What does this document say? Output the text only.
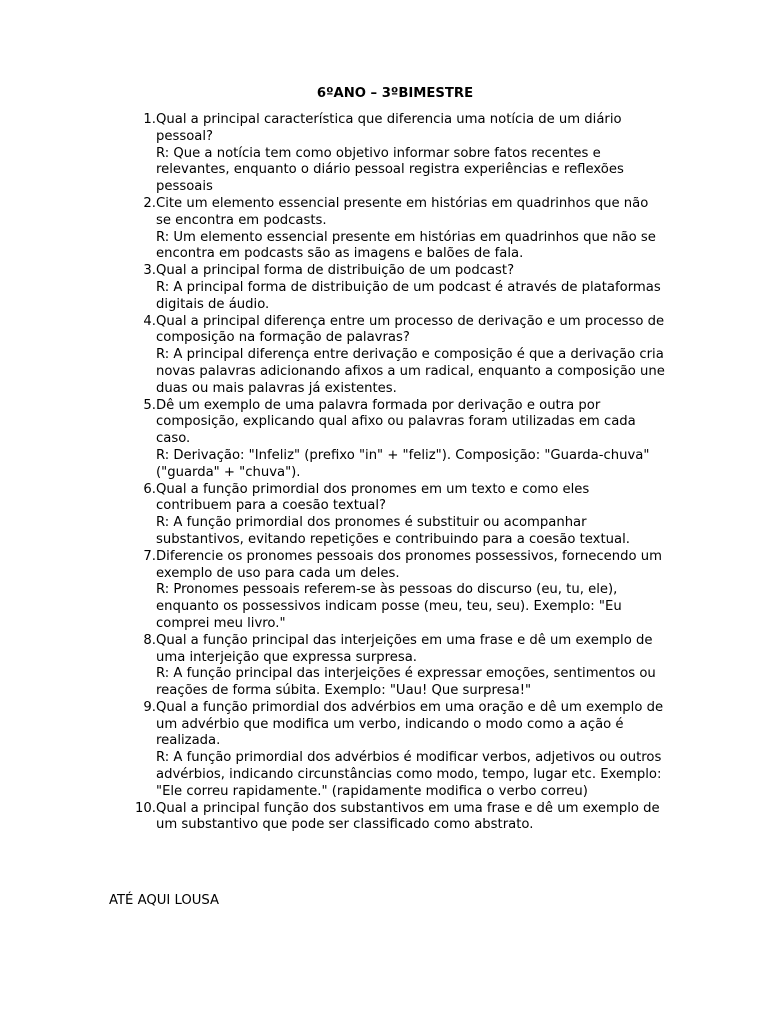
6ºANO – 3ºBIMESTRE
1. Qual a principal característica que diferencia uma notícia de um diário pessoal?
R: Que a notícia tem como objetivo informar sobre fatos recentes e relevantes, enquanto o diário pessoal registra experiências e reflexões pessoais
2. Cite um elemento essencial presente em histórias em quadrinhos que não se encontra em podcasts.
R: Um elemento essencial presente em histórias em quadrinhos que não se encontra em podcasts são as imagens e balões de fala.
3. Qual a principal forma de distribuição de um podcast?
R: A principal forma de distribuição de um podcast é através de plataformas digitais de áudio.
4. Qual a principal diferença entre um processo de derivação e um processo de composição na formação de palavras?
R: A principal diferença entre derivação e composição é que a derivação cria novas palavras adicionando afixos a um radical, enquanto a composição une duas ou mais palavras já existentes.
5. Dê um exemplo de uma palavra formada por derivação e outra por composição, explicando qual afixo ou palavras foram utilizadas em cada caso.
R: Derivação: "Infeliz" (prefixo "in" + "feliz"). Composição: "Guarda-chuva" ("guarda" + "chuva").
6. Qual a função primordial dos pronomes em um texto e como eles contribuem para a coesão textual?
R: A função primordial dos pronomes é substituir ou acompanhar substantivos, evitando repetições e contribuindo para a coesão textual.
7. Diferencie os pronomes pessoais dos pronomes possessivos, fornecendo um exemplo de uso para cada um deles.
R: Pronomes pessoais referem-se às pessoas do discurso (eu, tu, ele), enquanto os possessivos indicam posse (meu, teu, seu). Exemplo: "Eu comprei meu livro."
8. Qual a função principal das interjeições em uma frase e dê um exemplo de uma interjeição que expressa surpresa.
R: A função principal das interjeições é expressar emoções, sentimentos ou reações de forma súbita. Exemplo: "Uau! Que surpresa!"
9. Qual a função primordial dos advérbios em uma oração e dê um exemplo de um advérbio que modifica um verbo, indicando o modo como a ação é realizada.
R: A função primordial dos advérbios é modificar verbos, adjetivos ou outros advérbios, indicando circunstâncias como modo, tempo, lugar etc. Exemplo: "Ele correu rapidamente." (rapidamente modifica o verbo correu)
10. Qual a principal função dos substantivos em uma frase e dê um exemplo de um substantivo que pode ser classificado como abstrato.

ATÉ AQUI LOUSA
